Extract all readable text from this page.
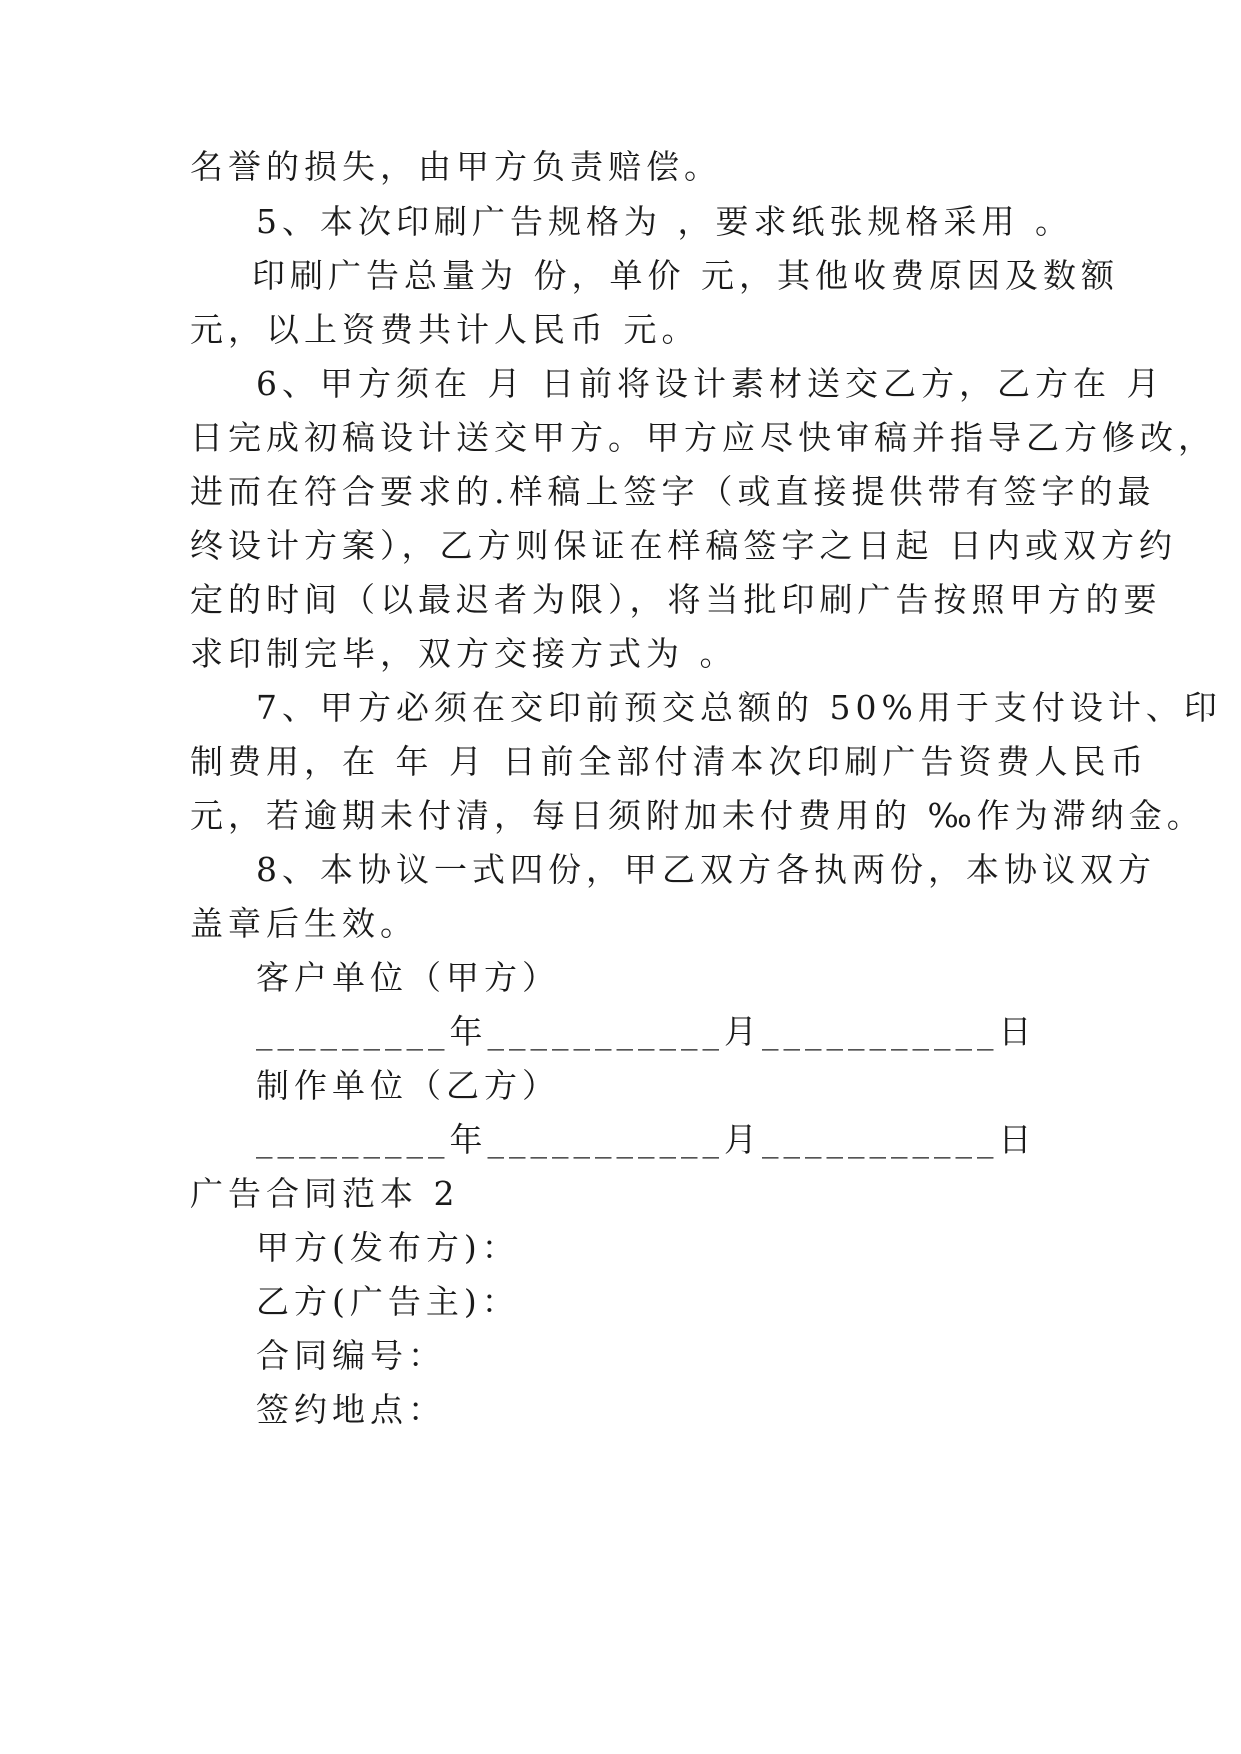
名誉的损失，由甲方负责赔偿。
5、本次印刷广告规格为 ，要求纸张规格采用 。
印刷广告总量为 份，单价 元，其他收费原因及数额
元，以上资费共计人民币 元。
6、甲方须在 月 日前将设计素材送交乙方，乙方在 月
日完成初稿设计送交甲方。甲方应尽快审稿并指导乙方修改，
进而在符合要求的.样稿上签字（或直接提供带有签字的最
终设计方案），乙方则保证在样稿签字之日起 日内或双方约
定的时间（以最迟者为限），将当批印刷广告按照甲方的要
求印制完毕，双方交接方式为 。
7、甲方必须在交印前预交总额的 50%用于支付设计、印
制费用，在 年 月 日前全部付清本次印刷广告资费人民币
元，若逾期未付清，每日须附加未付费用的 ‰作为滞纳金。
8、本协议一式四份，甲乙双方各执两份，本协议双方
盖章后生效。
客户单位（甲方）
_________年___________月___________日
制作单位（乙方）
_________年___________月___________日
广告合同范本 2
甲方(发布方)：
乙方(广告主)：
合同编号：
签约地点：
